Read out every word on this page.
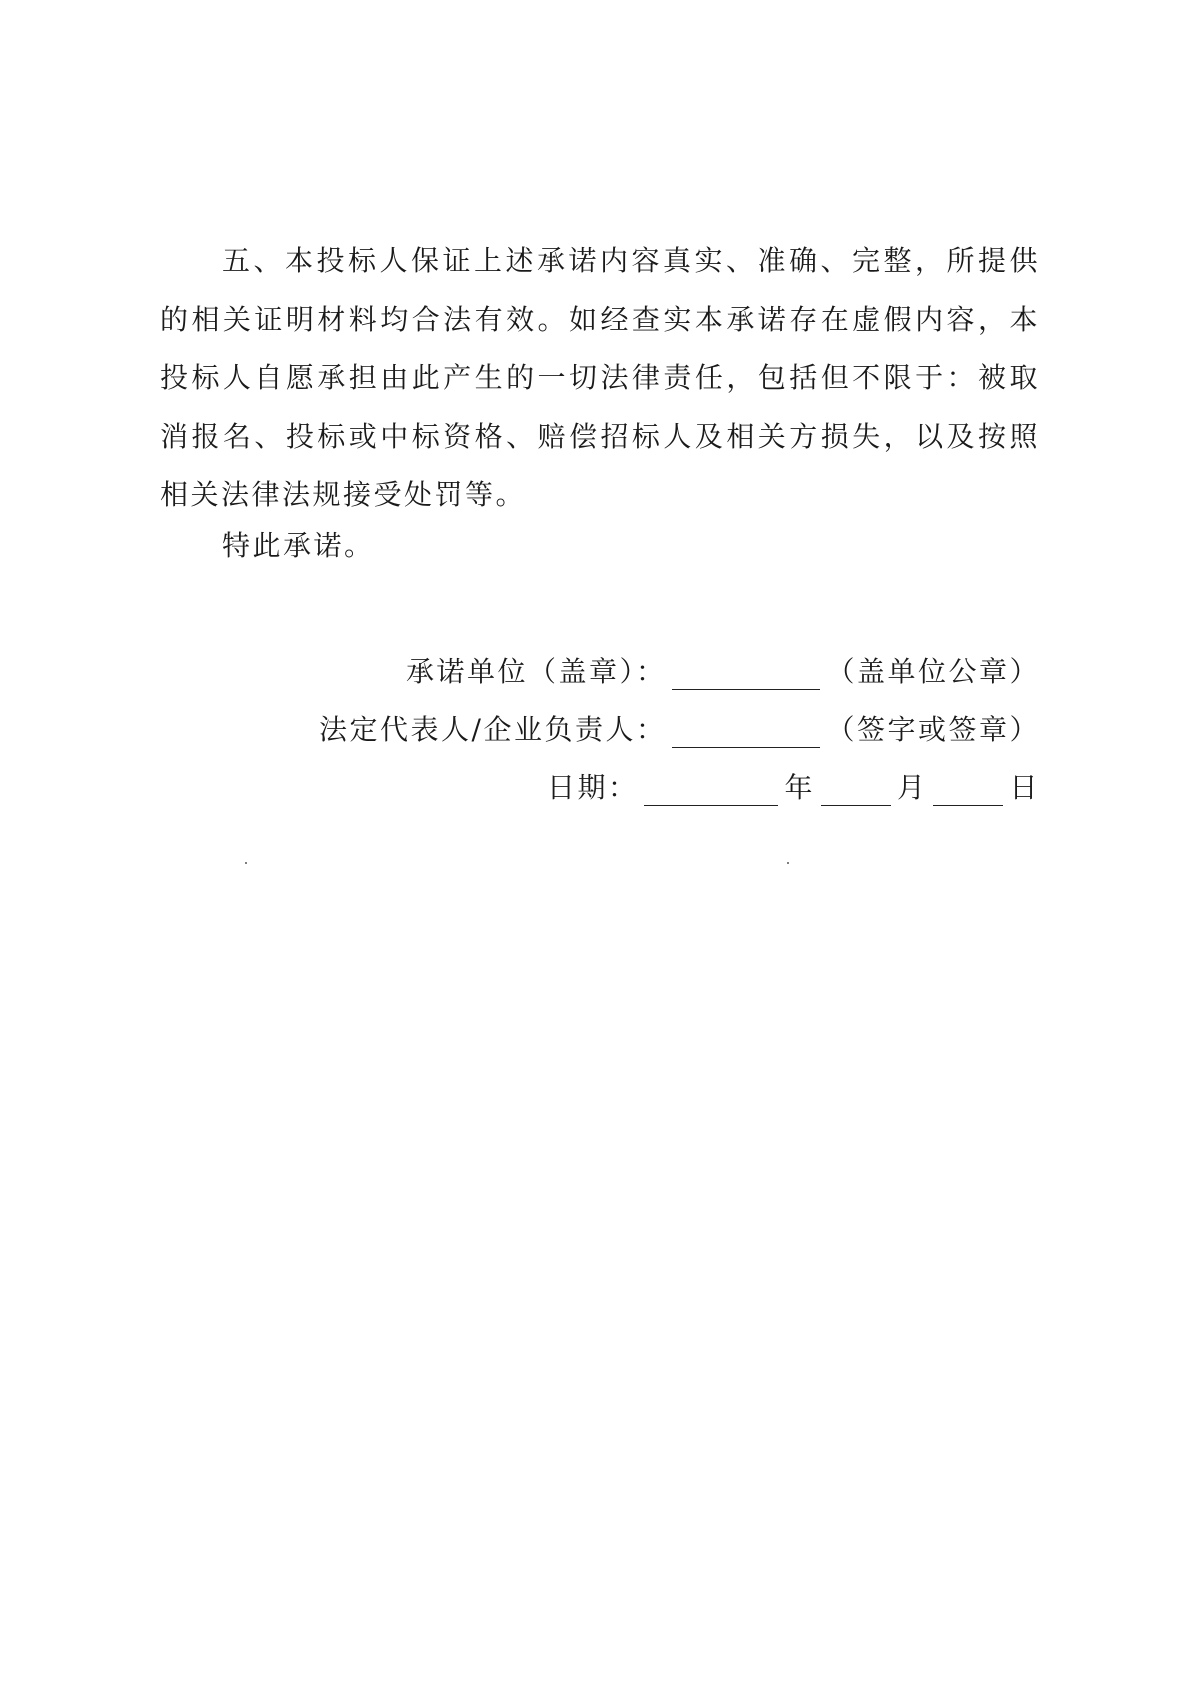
五、本投标人保证上述承诺内容真实、准确、完整，所提供的相关证明材料均合法有效。如经查实本承诺存在虚假内容，本投标人自愿承担由此产生的一切法律责任，包括但不限于：被取消报名、投标或中标资格、赔偿招标人及相关方损失，以及按照相关法律法规接受处罚等。

特此承诺。

承诺单位（盖章）：	（盖单位公章）
法定代表人/企业负责人：	（签字或签章）
日期：	年	月	日
